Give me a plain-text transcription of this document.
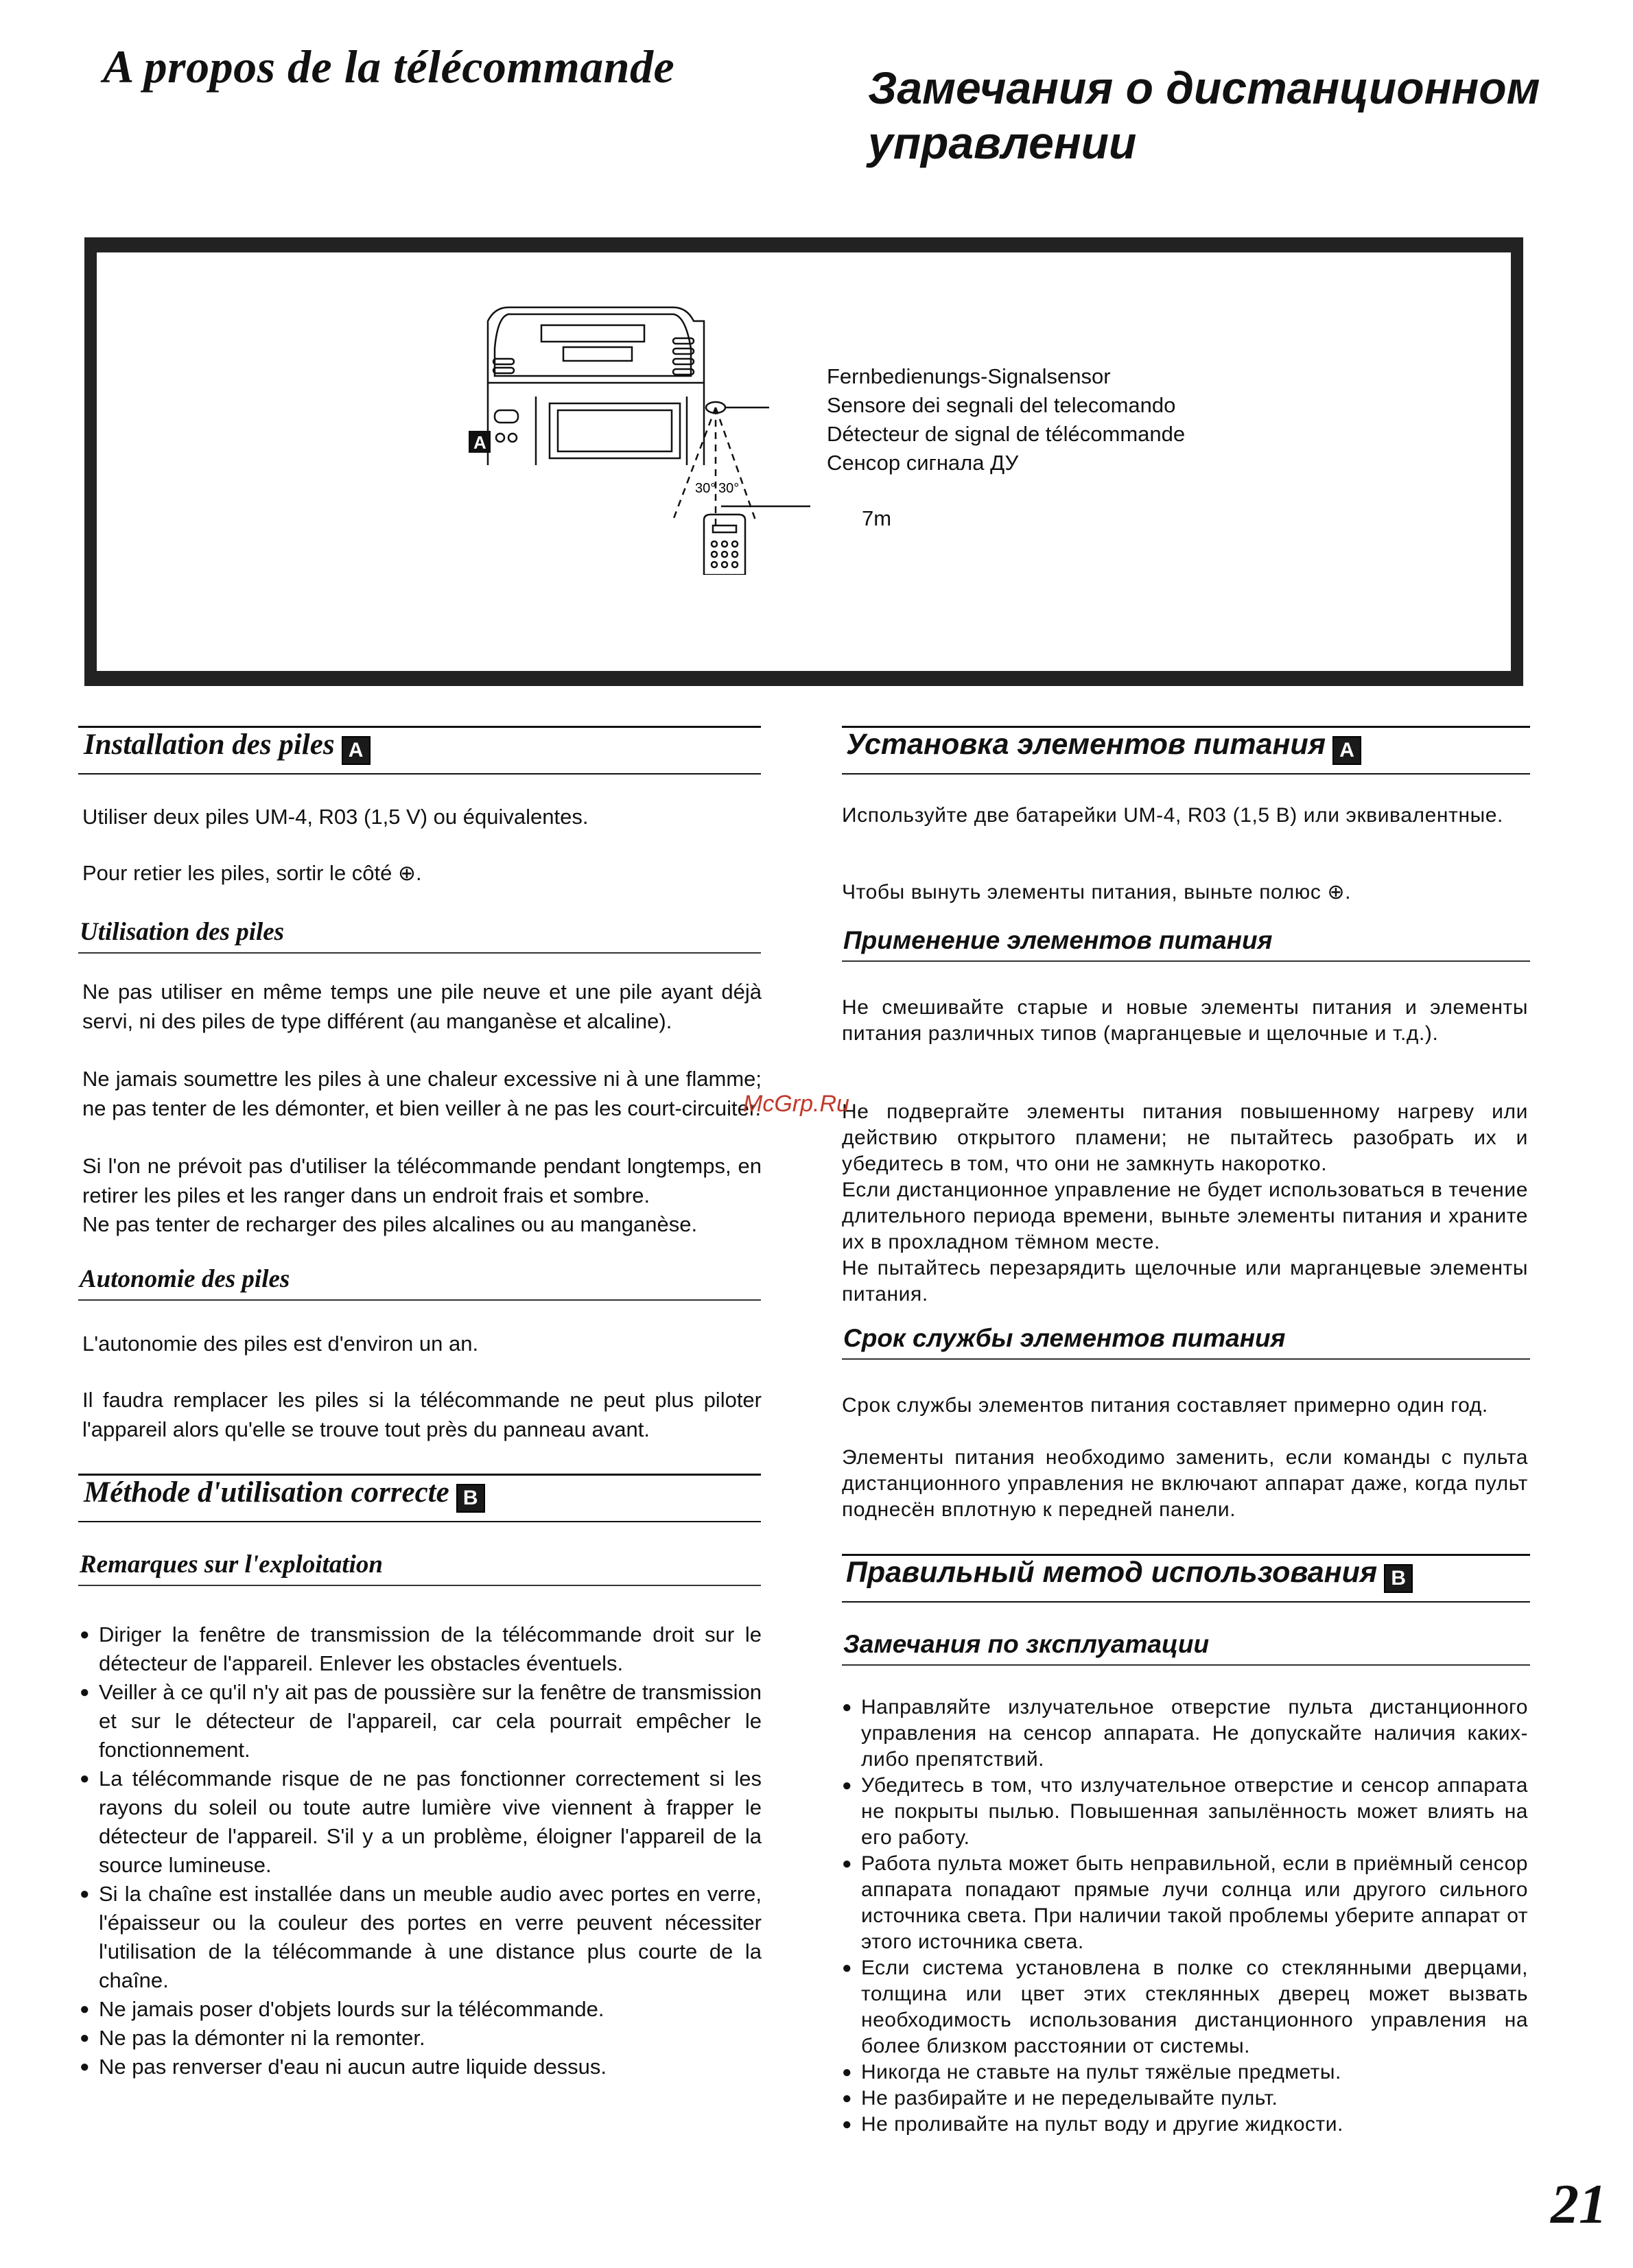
A propos de la télécommande	Замечания о дистанционном управлении
30° 30°
A
Fernbedienungs-Signalsensor
Sensore dei segnali del telecomando
Détecteur de signal de télécommande
Сенсор сигнала ДУ
7m
Installation des piles A
Utiliser deux piles UM-4, R03 (1,5 V) ou équivalentes.
Pour retier les piles, sortir le côté ⊕.
Utilisation des piles
Ne pas utiliser en même temps une pile neuve et une pile ayant déjà servi, ni des piles de type différent (au manganèse et alcaline).
Ne jamais soumettre les piles à une chaleur excessive ni à une flamme; ne pas tenter de les démonter, et bien veiller à ne pas les court-circuiter.
Si l'on ne prévoit pas d'utiliser la télécommande pendant longtemps, en retirer les piles et les ranger dans un endroit frais et sombre.
Ne pas tenter de recharger des piles alcalines ou au manganèse.
Autonomie des piles
L'autonomie des piles est d'environ un an.
Il faudra remplacer les piles si la télécommande ne peut plus piloter l'appareil alors qu'elle se trouve tout près du panneau avant.
Méthode d'utilisation correcte B
Remarques sur l'exploitation
● Diriger la fenêtre de transmission de la télécommande droit sur le détecteur de l'appareil. Enlever les obstacles éventuels.
● Veiller à ce qu'il n'y ait pas de poussière sur la fenêtre de transmission et sur le détecteur de l'appareil, car cela pourrait empêcher le fonctionnement.
● La télécommande risque de ne pas fonctionner correctement si les rayons du soleil ou toute autre lumière vive viennent à frapper le détecteur de l'appareil. S'il y a un problème, éloigner l'appareil de la source lumineuse.
● Si la chaîne est installée dans un meuble audio avec portes en verre, l'épaisseur ou la couleur des portes en verre peuvent nécessiter l'utilisation de la télécommande à une distance plus courte de la chaîne.
● Ne jamais poser d'objets lourds sur la télécommande.
● Ne pas la démonter ni la remonter.
● Ne pas renverser d'eau ni aucun autre liquide dessus.
Установка элементов питания A
Используйте две батарейки UM-4, R03 (1,5 В) или эквивалентные.
Чтобы вынуть элементы питания, выньте полюс ⊕.
Применение элементов питания
Не смешивайте старые и новые элементы питания и элементы питания различных типов (марганцевые и щелочные и т.д.).
Не подвергайте элементы питания повышенному нагреву или действию открытого пламени; не пытайтесь разобрать их и убедитесь в том, что они не замкнуть накоротко.
Если дистанционное управление не будет использоваться в течение длительного периода времени, выньте элементы питания и храните их в прохладном тёмном месте.
Не пытайтесь перезарядить щелочные или марганцевые элементы питания.
Срок службы элементов питания
Срок службы элементов питания составляет примерно один год.
Элементы питания необходимо заменить, если команды с пульта дистанционного управления не включают аппарат даже, когда пульт поднесён вплотную к передней панели.
Правильный метод использования B
Замечания по зксплуатации
● Направляйте излучательное отверстие пульта дистанционного управления на сенсор аппарата. Не допускайте наличия каких-либо препятствий.
● Убедитесь в том, что излучательное отверстие и сенсор аппарата не покрыты пылью. Повышенная запылённость может влиять на его работу.
● Работа пульта может быть неправильной, если в приёмный сенсор аппарата попадают прямые лучи солнца или другого сильного источника света. При наличии такой проблемы уберите аппарат от этого источника света.
● Если система установлена в полке со стеклянными дверцами, толщина или цвет этих стеклянных дверец может вызвать необходимость использования дистанционного управления на более близком расстоянии от системы.
● Никогда не ставьте на пульт тяжёлые предметы.
● Не разбирайте и не переделывайте пульт.
● Не проливайте на пульт воду и другие жидкости.
McGrp.Ru
21
